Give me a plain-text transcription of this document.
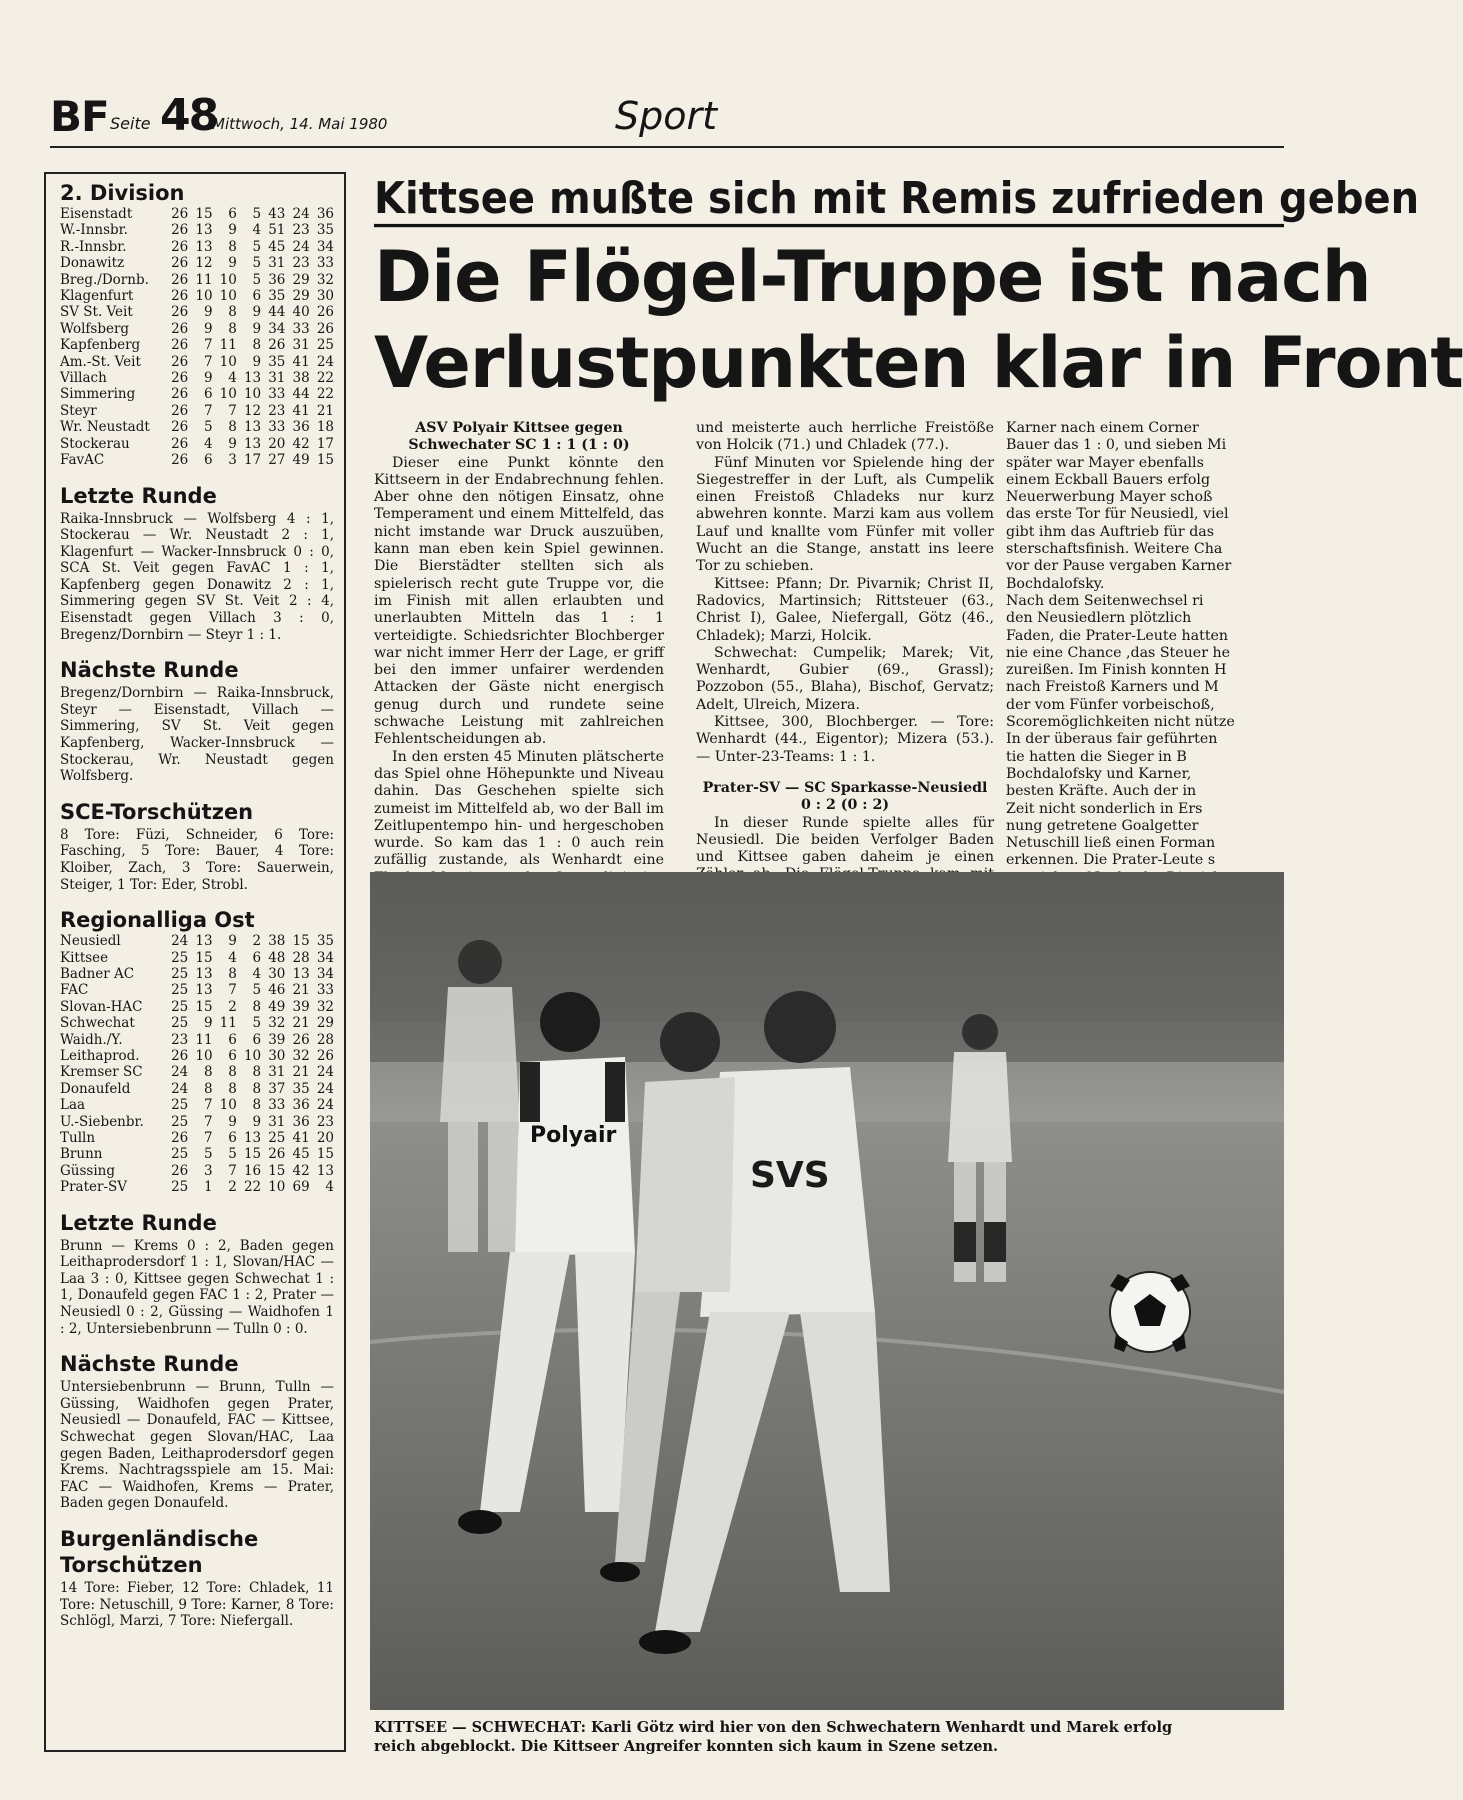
BF Seite 48
Mittwoch, 14. Mai 1980	Sport
2. Division
Eisenstadt	26	15	6	5	43	24	36
W.-Innsbr.	26	13	9	4	51	23	35
R.-Innsbr.	26	13	8	5	45	24	34
Donawitz	26	12	9	5	31	23	33
Breg./Dornb.	26	11	10	5	36	29	32
Klagenfurt	26	10	10	6	35	29	30
SV St. Veit	26	9	8	9	44	40	26
Wolfsberg	26	9	8	9	34	33	26
Kapfenberg	26	7	11	8	26	31	25
Am.-St. Veit	26	7	10	9	35	41	24
Villach	26	9	4	13	31	38	22
Simmering	26	6	10	10	33	44	22
Steyr	26	7	7	12	23	41	21
Wr. Neustadt	26	5	8	13	33	36	18
Stockerau	26	4	9	13	20	42	17
FavAC	26	6	3	17	27	49	15
Letzte Runde

Raika-Innsbruck — Wolfsberg 4 : 1, Stockerau — Wr. Neustadt 2 : 1, Klagenfurt — Wacker-Innsbruck 0 : 0, SCA St. Veit gegen FavAC 1 : 1, Kapfenberg gegen Donawitz 2 : 1, Simmering gegen SV St. Veit 2 : 4, Eisenstadt gegen Villach 3 : 0, Bregenz/Dornbirn — Steyr 1 : 1.

Nächste Runde

Bregenz/Dornbirn — Raika-Innsbruck, Steyr — Eisenstadt, Villach — Simmering, SV St. Veit gegen Kapfenberg, Wacker-Innsbruck — Stockerau, Wr. Neustadt gegen Wolfsberg.

SCE-Torschützen

8 Tore: Füzi, Schneider, 6 Tore: Fasching, 5 Tore: Bauer, 4 Tore: Kloiber, Zach, 3 Tore: Sauerwein, Steiger, 1 Tor: Eder, Strobl.

Regionalliga Ost
Neusiedl	24	13	9	2	38	15	35
Kittsee	25	15	4	6	48	28	34
Badner AC	25	13	8	4	30	13	34
FAC	25	13	7	5	46	21	33
Slovan-HAC	25	15	2	8	49	39	32
Schwechat	25	9	11	5	32	21	29
Waidh./Y.	23	11	6	6	39	26	28
Leithaprod.	26	10	6	10	30	32	26
Kremser SC	24	8	8	8	31	21	24
Donaufeld	24	8	8	8	37	35	24
Laa	25	7	10	8	33	36	24
U.-Siebenbr.	25	7	9	9	31	36	23
Tulln	26	7	6	13	25	41	20
Brunn	25	5	5	15	26	45	15
Güssing	26	3	7	16	15	42	13
Prater-SV	25	1	2	22	10	69	4
Letzte Runde

Brunn — Krems 0 : 2, Baden gegen Leithaprodersdorf 1 : 1, Slovan/HAC — Laa 3 : 0, Kittsee gegen Schwechat 1 : 1, Donaufeld gegen FAC 1 : 2, Prater — Neusiedl 0 : 2, Güssing — Waidhofen 1 : 2, Untersiebenbrunn — Tulln 0 : 0.

Nächste Runde

Untersiebenbrunn — Brunn, Tulln — Güssing, Waidhofen gegen Prater, Neusiedl — Donaufeld, FAC — Kittsee, Schwechat gegen Slovan/HAC, Laa gegen Baden, Leithaprodersdorf gegen Krems. Nachtragsspiele am 15. Mai: FAC — Waidhofen, Krems — Prater, Baden gegen Donaufeld.

Burgenländische Torschützen

14 Tore: Fieber, 12 Tore: Chladek, 11 Tore: Netuschill, 9 Tore: Karner, 8 Tore: Schlögl, Marzi, 7 Tore: Niefergall.

Kittsee mußte sich mit Remis zufrieden geben
Die Flögel-Truppe ist nach
Verlustpunkten klar in Front

ASV Polyair Kittsee gegen Schwechater SC 1 : 1 (1 : 0)

Dieser eine Punkt könnte den Kittseern in der Endabrechnung fehlen. Aber ohne den nötigen Einsatz, ohne Temperament und einem Mittelfeld, das nicht imstande war Druck auszuüben, kann man eben kein Spiel gewinnen. Die Bierstädter stellten sich als spielerisch recht gute Truppe vor, die im Finish mit allen erlaubten und unerlaubten Mitteln das 1 : 1 verteidigte. Schiedsrichter Blochberger war nicht immer Herr der Lage, er griff bei den immer unfairer werdenden Attacken der Gäste nicht energisch genug durch und rundete seine schwache Leistung mit zahlreichen Fehlentscheidungen ab.

In den ersten 45 Minuten plätscherte das Spiel ohne Höhepunkte und Niveau dahin. Das Geschehen spielte sich zumeist im Mittelfeld ab, wo der Ball im Zeitlupentempo hin- und hergeschoben wurde. So kam das 1 : 0 auch rein zufällig zustande, als Wenhardt eine

und meisterte auch herrliche Freistöße von Holcik (71.) und Chladek (77.).

Fünf Minuten vor Spielende hing der Siegestreffer in der Luft, als Cumpelik einen Freistoß Chladeks nur kurz abwehren konnte. Marzi kam aus vollem Lauf und knallte vom Fünfer mit voller Wucht an die Stange, anstatt ins leere Tor zu schieben.

Kittsee: Pfann; Dr. Pivarnik; Christ II, Radovics, Martinsich; Rittsteuer (63., Christ I), Galee, Niefergall, Götz (46., Chladek); Marzi, Holcik.

Schwechat: Cumpelik; Marek; Vit, Wenhardt, Gubier (69., Grassl); Pozzobon (55., Blaha), Bischof, Gervatz; Adelt, Ulreich, Mizera.

Kittsee, 300, Blochberger. — Tore: Wenhardt (44., Eigentor); Mizera (53.). — Unter-23-Teams: 1 : 1.

Prater-SV — SC Sparkasse-Neusiedl 0 : 2 (0 : 2)

In dieser Runde spielte alles für Neusiedl. Die beiden Verfolger Baden und Kittsee gaben daheim je einen

Karner nach einem Corner
Bauer das 1 : 0, und sieben Mi
später war Mayer ebenfalls
einem Eckball Bauers erfolg
Neuerwerbung Mayer schoß
das erste Tor für Neusiedl, viel
gibt ihm das Auftrieb für das
sterschaftsfinish. Weitere Cha
vor der Pause vergaben Karner
Bochdalofsky.
Nach dem Seitenwechsel ri
den Neusiedlern plötzlich
Faden, die Prater-Leute hatten
nie eine Chance ,das Steuer he
zureißen. Im Finish konnten H
nach Freistoß Karners und M
der vom Fünfer vorbeischoß,
Scoremöglichkeiten nicht nütze
In der überaus fair geführten
tie hatten die Sieger in B
Bochdalofsky und Karner,
besten Kräfte. Auch der in
Zeit nicht sonderlich in Ers
nung getretene Goalgetter
Netuschill ließ einen Forman
erkennen. Die Prater-Leute s
Polyair
SVS
KITTSEE — SCHWECHAT: Karli Götz wird hier von den Schwechatern Wenhardt und Marek erfolg
reich abgeblockt. Die Kittseer Angreifer konnten sich kaum in Szene setzen.
